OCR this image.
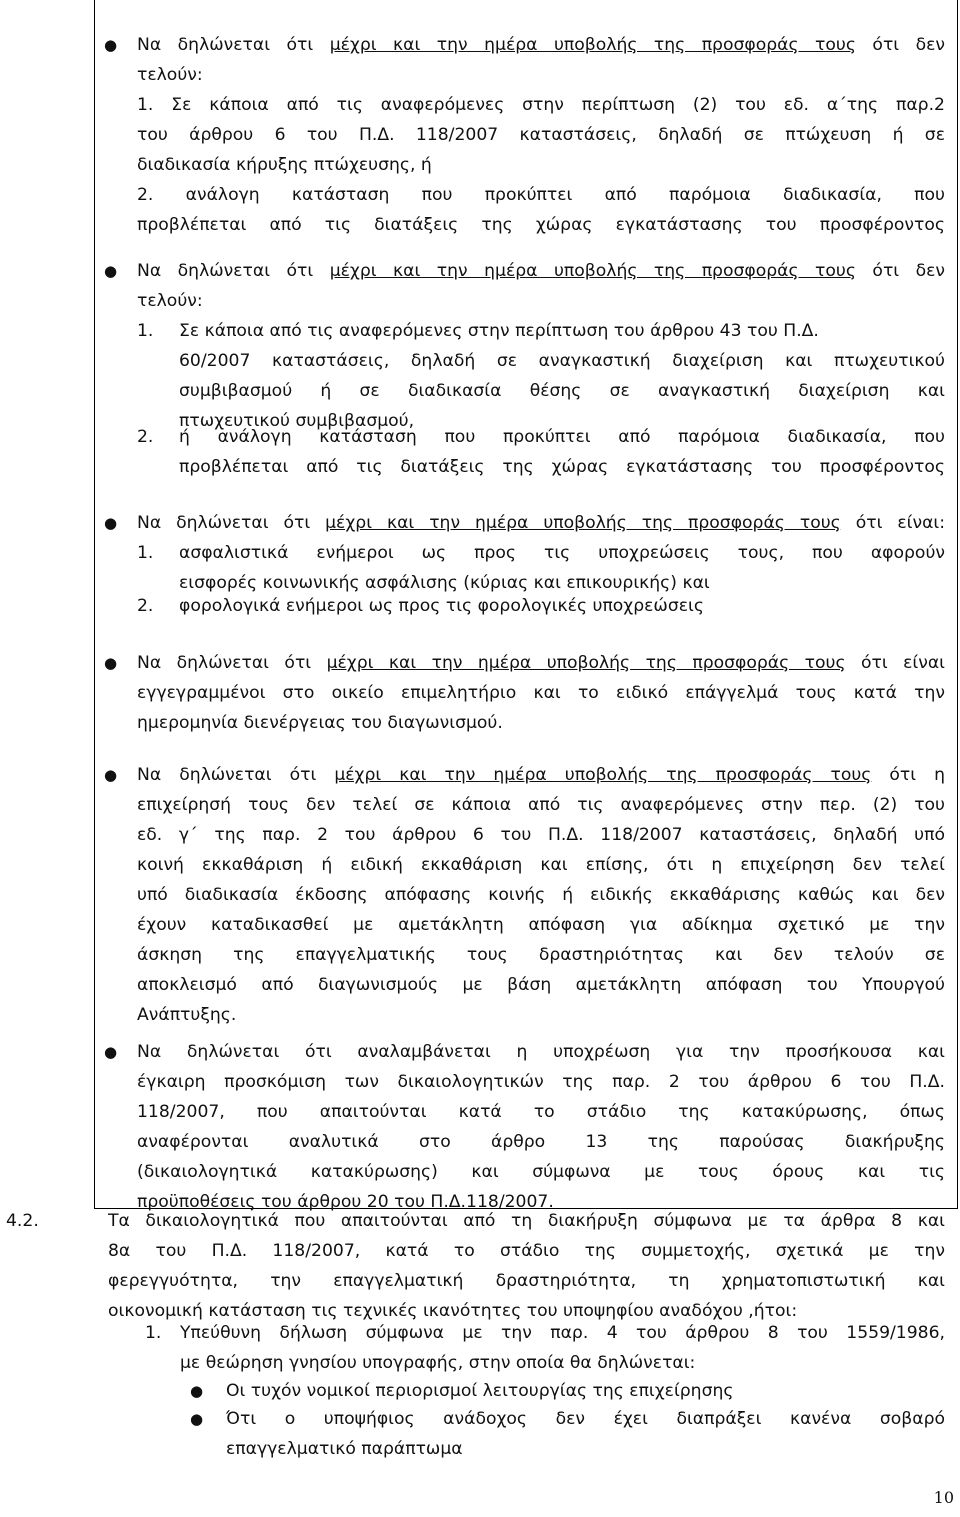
● Να δηλώνεται ότι μέχρι και την ημέρα υποβολής της προσφοράς τους ότι δεν
τελούν:
1. Σε κάποια από τις αναφερόμενες στην περίπτωση (2) του εδ. α΄της παρ.2
του άρθρου 6 του Π.Δ. 118/2007 καταστάσεις, δηλαδή σε πτώχευση ή σε
διαδικασία κήρυξης πτώχευσης, ή
2. ανάλογη κατάσταση που προκύπτει από παρόμοια διαδικασία, που
προβλέπεται από τις διατάξεις της χώρας εγκατάστασης του προσφέροντος
● Να δηλώνεται ότι μέχρι και την ημέρα υποβολής της προσφοράς τους ότι δεν
τελούν:
1. Σε κάποια από τις αναφερόμενες στην περίπτωση του άρθρου 43 του Π.Δ.
60/2007 καταστάσεις, δηλαδή σε αναγκαστική διαχείριση και πτωχευτικού
συμβιβασμού ή σε διαδικασία θέσης σε αναγκαστική διαχείριση και
πτωχευτικού συμβιβασμού,
2. ή ανάλογη κατάσταση που προκύπτει από παρόμοια διαδικασία, που
προβλέπεται από τις διατάξεις της χώρας εγκατάστασης του προσφέροντος
● Να δηλώνεται ότι μέχρι και την ημέρα υποβολής της προσφοράς τους ότι είναι:
1. ασφαλιστικά ενήμεροι ως προς τις υποχρεώσεις τους, που αφορούν
εισφορές κοινωνικής ασφάλισης (κύριας και επικουρικής) και
2. φορολογικά ενήμεροι ως προς τις φορολογικές υποχρεώσεις
● Να δηλώνεται ότι μέχρι και την ημέρα υποβολής της προσφοράς τους ότι είναι
εγγεγραμμένοι στο οικείο επιμελητήριο και το ειδικό επάγγελμά τους κατά την
ημερομηνία διενέργειας του διαγωνισμού.
● Να δηλώνεται ότι μέχρι και την ημέρα υποβολής της προσφοράς τους ότι η
επιχείρησή τους δεν τελεί σε κάποια από τις αναφερόμενες στην περ. (2) του
εδ. γ΄ της παρ. 2 του άρθρου 6 του Π.Δ. 118/2007 καταστάσεις, δηλαδή υπό
κοινή εκκαθάριση ή ειδική εκκαθάριση και επίσης, ότι η επιχείρηση δεν τελεί
υπό διαδικασία έκδοσης απόφασης κοινής ή ειδικής εκκαθάρισης καθώς και δεν
έχουν καταδικασθεί με αμετάκλητη απόφαση για αδίκημα σχετικό με την
άσκηση της επαγγελματικής τους δραστηριότητας και δεν τελούν σε
αποκλεισμό από διαγωνισμούς με βάση αμετάκλητη απόφαση του Υπουργού
Ανάπτυξης.
● Να δηλώνεται ότι αναλαμβάνεται η υποχρέωση για την προσήκουσα και
έγκαιρη προσκόμιση των δικαιολογητικών της παρ. 2 του άρθρου 6 του Π.Δ.
118/2007, που απαιτούνται κατά το στάδιο της κατακύρωσης, όπως
αναφέρονται αναλυτικά στο άρθρο 13 της παρούσας διακήρυξης
(δικαιολογητικά κατακύρωσης) και σύμφωνα με τους όρους και τις
προϋποθέσεις του άρθρου 20 του Π.Δ.118/2007.
4.2.	Τα δικαιολογητικά που απαιτούνται από τη διακήρυξη σύμφωνα με τα άρθρα 8 και
8α του Π.Δ. 118/2007, κατά το στάδιο της συμμετοχής, σχετικά με την
φερεγγυότητα, την επαγγελματική δραστηριότητα, τη χρηματοπιστωτική και
οικονομική κατάσταση τις τεχνικές ικανότητες του υποψηφίου αναδόχου ,ήτοι:
1. Υπεύθυνη δήλωση σύμφωνα με την παρ. 4 του άρθρου 8 του 1559/1986,
με θεώρηση γνησίου υπογραφής, στην οποία θα δηλώνεται:
● Οι τυχόν νομικοί περιορισμοί λειτουργίας της επιχείρησης
● Ότι ο υποψήφιος ανάδοχος δεν έχει διαπράξει κανένα σοβαρό
επαγγελματικό παράπτωμα
10
